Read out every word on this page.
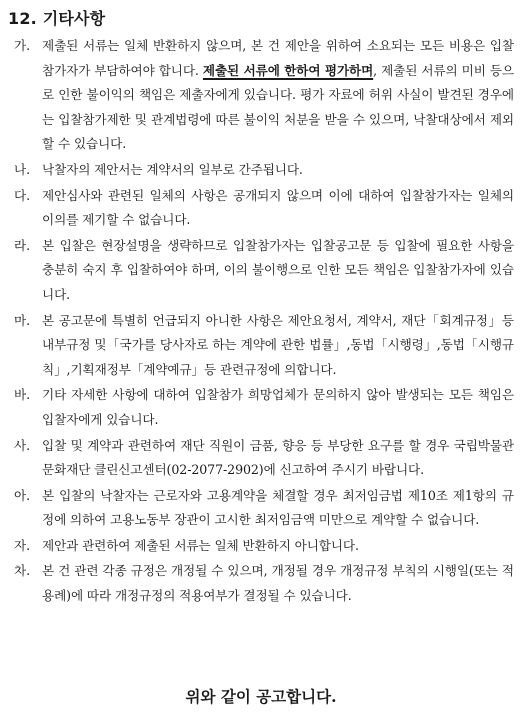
12. 기타사항
가. 제출된 서류는 일체 반환하지 않으며, 본 건 제안을 위하여 소요되는 모든 비용은 입찰참가자가 부담하여야 합니다. 제출된 서류에 한하여 평가하며, 제출된 서류의 미비 등으로 인한 불이익의 책임은 제출자에게 있습니다. 평가 자료에 허위 사실이 발견된 경우에는 입찰참가제한 및 관계법령에 따른 불이익 처분을 받을 수 있으며, 낙찰대상에서 제외할 수 있습니다.
나. 낙찰자의 제안서는 계약서의 일부로 간주됩니다.
다. 제안심사와 관련된 일체의 사항은 공개되지 않으며 이에 대하여 입찰참가자는 일체의 이의를 제기할 수 없습니다.
라. 본 입찰은 현장설명을 생략하므로 입찰참가자는 입찰공고문 등 입찰에 필요한 사항을 충분히 숙지 후 입찰하여야 하며, 이의 불이행으로 인한 모든 책임은 입찰참가자에 있습니다.
마. 본 공고문에 특별히 언급되지 아니한 사항은 제안요청서, 계약서, 재단「회계규정」등 내부규정 및「국가를 당사자로 하는 계약에 관한 법률」,동법「시행령」,동법「시행규칙」,기획재정부「계약예규」등 관련규정에 의합니다.
바. 기타 자세한 사항에 대하여 입찰참가 희망업체가 문의하지 않아 발생되는 모든 책임은 입찰자에게 있습니다.
사. 입찰 및 계약과 관련하여 재단 직원이 금품, 향응 등 부당한 요구를 할 경우 국립박물관문화재단 클린신고센터(02-2077-2902)에 신고하여 주시기 바랍니다.
아. 본 입찰의 낙찰자는 근로자와 고용계약을 체결할 경우 최저임금법 제10조 제1항의 규정에 의하여 고용노동부 장관이 고시한 최저임금액 미만으로 계약할 수 없습니다.
자. 제안과 관련하여 제출된 서류는 일체 반환하지 아니합니다.
차. 본 건 관련 각종 규정은 개정될 수 있으며, 개정될 경우 개정규정 부칙의 시행일(또는 적용례)에 따라 개정규정의 적용여부가 결정될 수 있습니다.
위와 같이 공고합니다.
